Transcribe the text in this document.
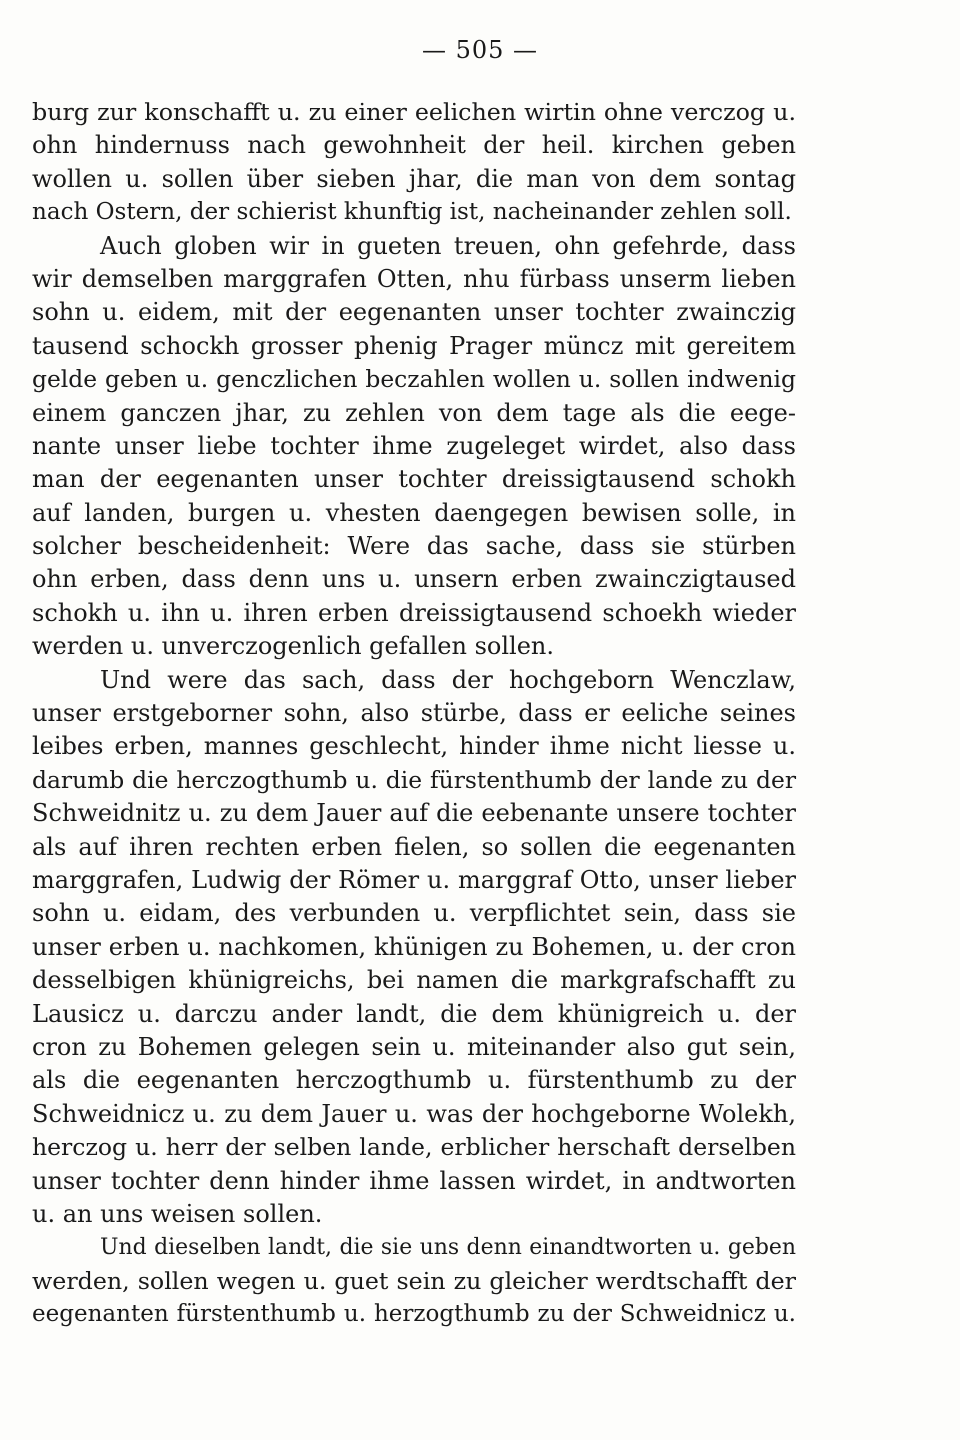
— 505 —
burg zur konschafft u. zu einer eelichen wirtin ohne verczog u.
ohn hindernuss nach gewohnheit der heil. kirchen geben
wollen u. sollen über sieben jhar, die man von dem sontag
nach Ostern, der schierist khunftig ist, nacheinander zehlen soll.
Auch globen wir in gueten treuen, ohn gefehrde, dass
wir demselben marggrafen Otten, nhu fürbass unserm lieben
sohn u. eidem, mit der eegenanten unser tochter zwainczig
tausend schockh grosser phenig Prager müncz mit gereitem
gelde geben u. genczlichen beczahlen wollen u. sollen indwenig
einem ganczen jhar, zu zehlen von dem tage als die eege-
nante unser liebe tochter ihme zugeleget wirdet, also dass
man der eegenanten unser tochter dreissigtausend schokh
auf landen, burgen u. vhesten daengegen bewisen solle, in
solcher bescheidenheit: Were das sache, dass sie stürben
ohn erben, dass denn uns u. unsern erben zwainczigtaused
schokh u. ihn u. ihren erben dreissigtausend schoekh wieder
werden u. unverczogenlich gefallen sollen.
Und were das sach, dass der hochgeborn Wenczlaw,
unser erstgeborner sohn, also stürbe, dass er eeliche seines
leibes erben, mannes geschlecht, hinder ihme nicht liesse u.
darumb die herczogthumb u. die fürstenthumb der lande zu der
Schweidnitz u. zu dem Jauer auf die eebenante unsere tochter
als auf ihren rechten erben fielen, so sollen die eegenanten
marggrafen, Ludwig der Römer u. marggraf Otto, unser lieber
sohn u. eidam, des verbunden u. verpflichtet sein, dass sie
unser erben u. nachkomen, khünigen zu Bohemen, u. der cron
desselbigen khünigreichs, bei namen die markgrafschafft zu
Lausicz u. darczu ander landt, die dem khünigreich u. der
cron zu Bohemen gelegen sein u. miteinander also gut sein,
als die eegenanten herczogthumb u. fürstenthumb zu der
Schweidnicz u. zu dem Jauer u. was der hochgeborne Wolekh,
herczog u. herr der selben lande, erblicher herschaft derselben
unser tochter denn hinder ihme lassen wirdet, in andtworten
u. an uns weisen sollen.
Und dieselben landt, die sie uns denn einandtworten u. geben
werden, sollen wegen u. guet sein zu gleicher werdtschafft der
eegenanten fürstenthumb u. herzogthumb zu der Schweidnicz u.
